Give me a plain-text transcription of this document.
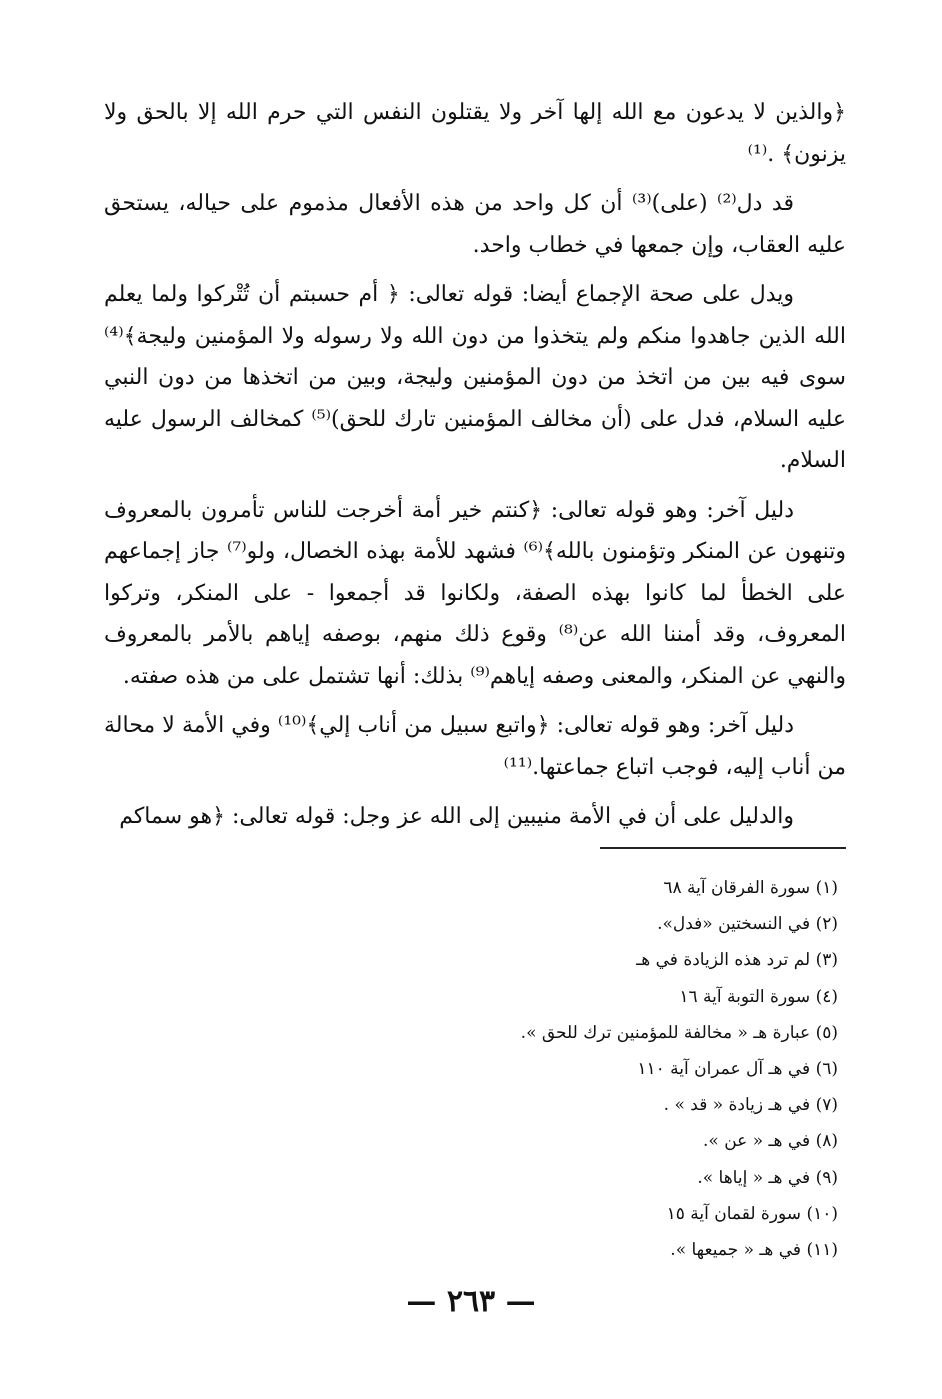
﴿والذين لا يدعون مع الله إلها آخر ولا يقتلون النفس التي حرم الله إلا بالحق ولا يزنون﴾ .⁽¹⁾

قد دل⁽²⁾ (على)⁽³⁾ أن كل واحد من هذه الأفعال مذموم على حياله، يستحق عليه العقاب، وإن جمعها في خطاب واحد.

ويدل على صحة الإجماع أيضا: قوله تعالى: ﴿ أم حسبتم أن تُتْركوا ولما يعلم الله الذين جاهدوا منكم ولم يتخذوا من دون الله ولا رسوله ولا المؤمنين وليجة﴾⁽⁴⁾ سوى فيه بين من اتخذ من دون المؤمنين وليجة، وبين من اتخذها من دون النبي عليه السلام، فدل على (أن مخالف المؤمنين تارك للحق)⁽⁵⁾ كمخالف الرسول عليه السلام.

دليل آخر: وهو قوله تعالى: ﴿كنتم خير أمة أخرجت للناس تأمرون بالمعروف وتنهون عن المنكر وتؤمنون بالله﴾⁽⁶⁾ فشهد للأمة بهذه الخصال، ولو⁽⁷⁾ جاز إجماعهم على الخطأ لما كانوا بهذه الصفة، ولكانوا قد أجمعوا - على المنكر، وتركوا المعروف، وقد أمننا الله عن⁽⁸⁾ وقوع ذلك منهم، بوصفه إياهم بالأمر بالمعروف والنهي عن المنكر، والمعنى وصفه إياهم⁽⁹⁾ بذلك: أنها تشتمل على من هذه صفته.

دليل آخر: وهو قوله تعالى: ﴿واتبع سبيل من أناب إلي﴾⁽¹⁰⁾ وفي الأمة لا محالة من أناب إليه، فوجب اتباع جماعتها.⁽¹¹⁾

والدليل على أن في الأمة منيبين إلى الله عز وجل: قوله تعالى: ﴿هو سماكم

(١) سورة الفرقان آية ٦٨
(٢) في النسختين «فدل».
(٣) لم ترد هذه الزيادة في هـ
(٤) سورة التوبة آية ١٦
(٥) عبارة هـ « مخالفة للمؤمنين ترك للحق ».
(٦) في هـ آل عمران آية ١١٠
(٧) في هـ زيادة « قد » .
(٨) في هـ « عن ».
(٩) في هـ « إياها ».
(١٠) سورة لقمان آية ١٥
(١١) في هـ « جميعها ».
— ٢٦٣ —
